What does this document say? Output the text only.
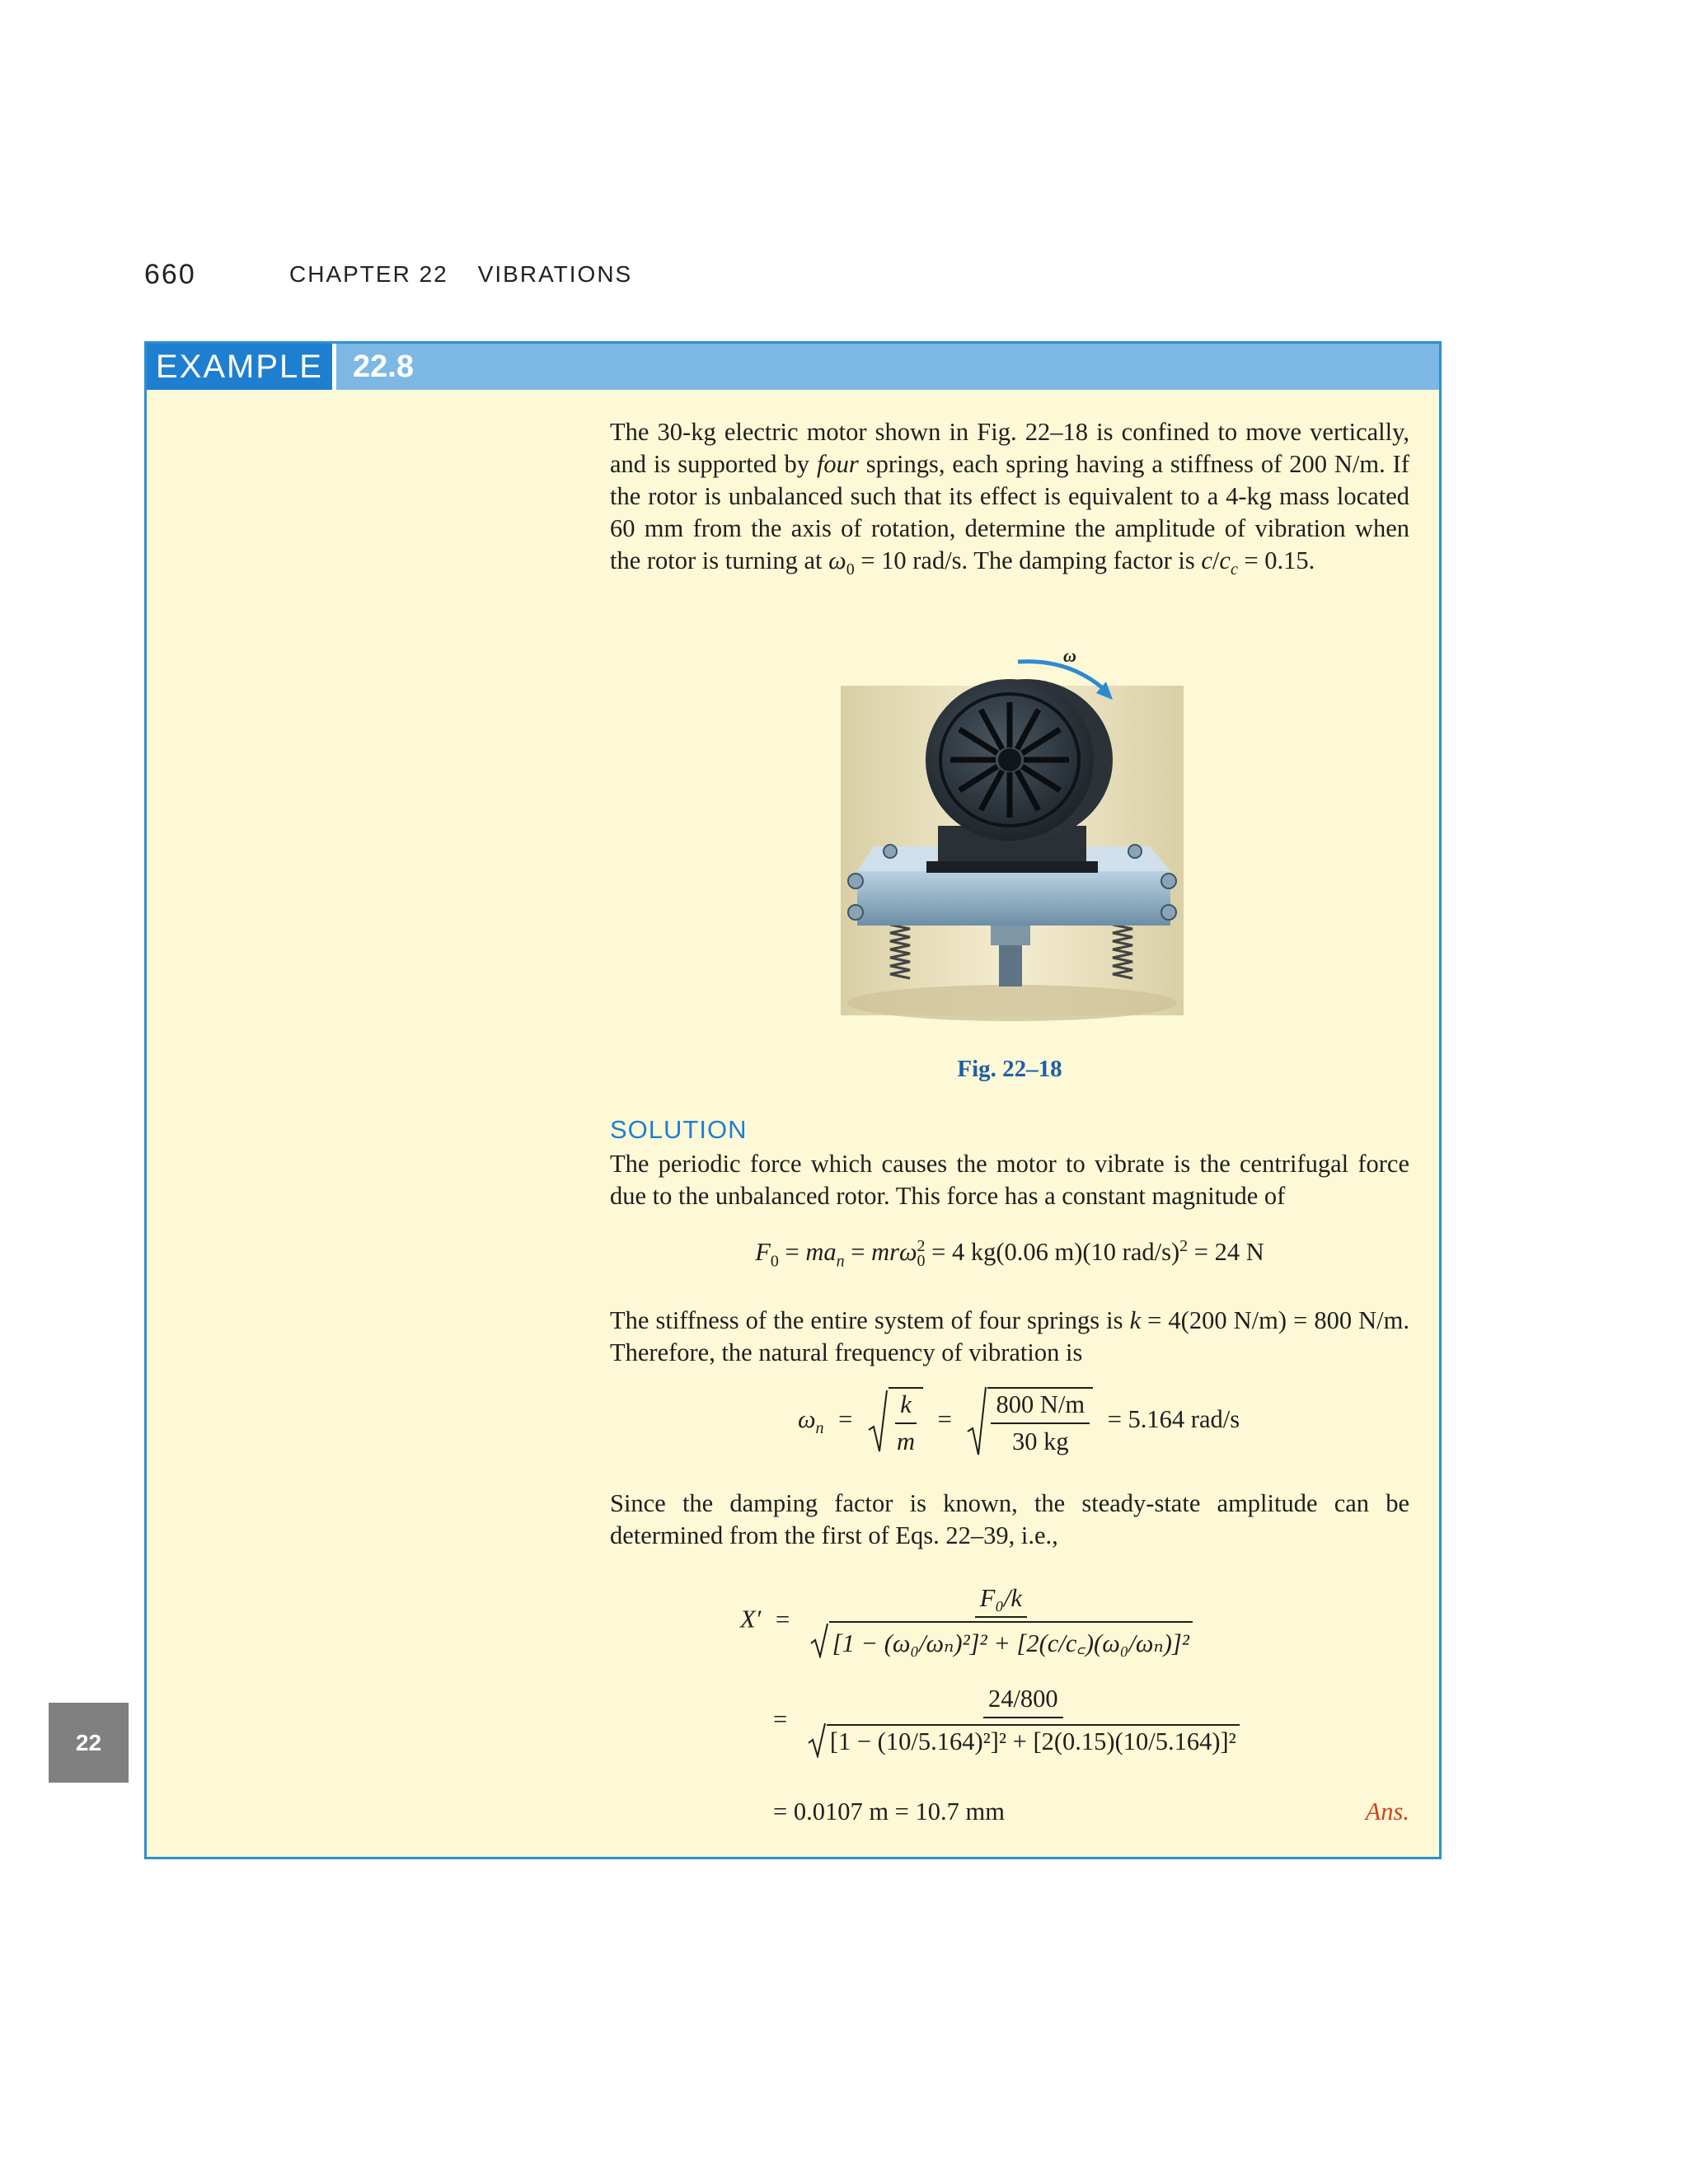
660	CHAPTER 22 VIBRATIONS
22
EXAMPLE 22.8
The 30-kg electric motor shown in Fig. 22–18 is confined to move vertically, and is supported by four springs, each spring having a stiffness of 200 N/m. If the rotor is unbalanced such that its effect is equivalent to a 4-kg mass located 60 mm from the axis of rotation, determine the amplitude of vibration when the rotor is turning at $\omega_0 = 10$ rad/s. The damping factor is $c/c_c = 0.15$.
ω
Fig. 22–18
SOLUTION
The periodic force which causes the motor to vibrate is the centrifugal force due to the unbalanced rotor. This force has a constant magnitude of
$F_0 = ma_n = mr\omega^2_0 = 4$ kg(0.06 m)(10 rad/s)$^2$ = 24 N
The stiffness of the entire system of four springs is k = 4(200 N/m) = 800 N/m. Therefore, the natural frequency of vibration is
$\omega_n = \frac{k}{m} = \frac{800 N/m}{30 kg} = 5.164$ rad/s
Since the damping factor is known, the steady-state amplitude can be determined from the first of Eqs. 22–39, i.e.,
$X' = \frac{\text{F₀/k}}{\text{[1 − (ω₀/ωₙ)²]² + [2(c/c꜀)(ω₀/ωₙ)]²}}$
= $\frac{24/800}{\text{[1 − (10/5.164)²]² + [2(0.15)(10/5.164)]²}}$
= 0.0107 m = 10.7 mm	Ans.
